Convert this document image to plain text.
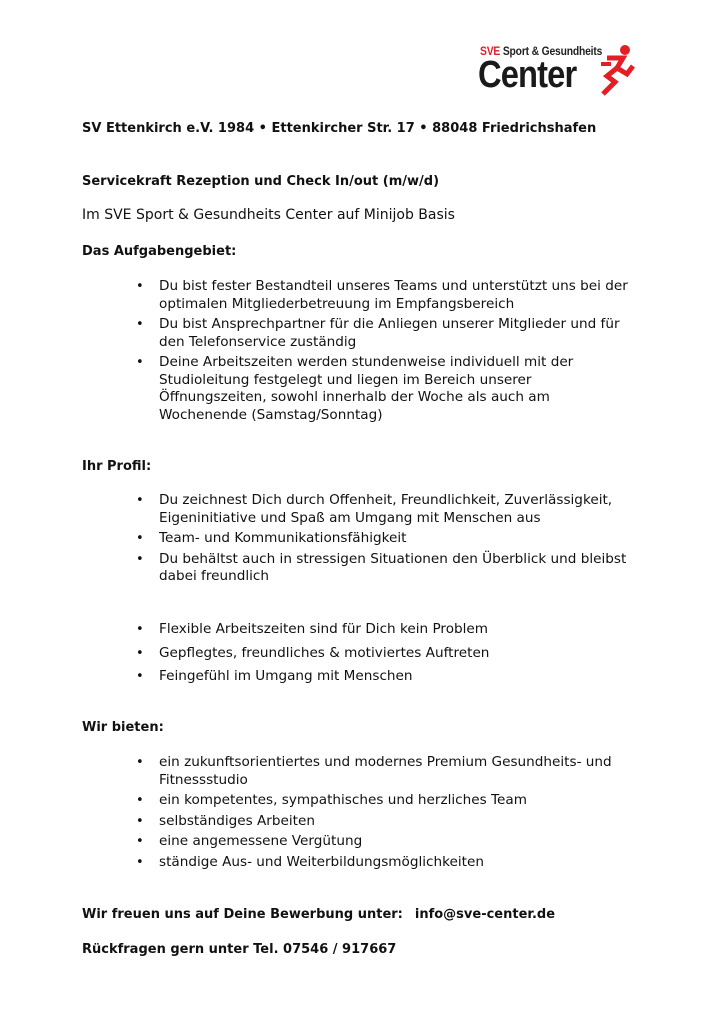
SVE Sport & Gesundheits
Center
SV Ettenkirch e.V. 1984 • Ettenkircher Str. 17 • 88048 Friedrichshafen
Servicekraft Rezeption und Check In/out (m/w/d)
Im SVE Sport & Gesundheits Center auf Minijob Basis
Das Aufgabengebiet:
• Du bist fester Bestandteil unseres Teams und unterstützt uns bei der optimalen Mitgliederbetreuung im Empfangsbereich
• Du bist Ansprechpartner für die Anliegen unserer Mitglieder und für den Telefonservice zuständig
• Deine Arbeitszeiten werden stundenweise individuell mit der Studioleitung festgelegt und liegen im Bereich unserer Öffnungszeiten, sowohl innerhalb der Woche als auch am Wochenende (Samstag/Sonntag)
Ihr Profil:
• Du zeichnest Dich durch Offenheit, Freundlichkeit, Zuverlässigkeit, Eigeninitiative und Spaß am Umgang mit Menschen aus
• Team- und Kommunikationsfähigkeit
• Du behältst auch in stressigen Situationen den Überblick und bleibst dabei freundlich
• Flexible Arbeitszeiten sind für Dich kein Problem
• Gepflegtes, freundliches & motiviertes Auftreten
• Feingefühl im Umgang mit Menschen
Wir bieten:
• ein zukunftsorientiertes und modernes Premium Gesundheits- und Fitnessstudio
• ein kompetentes, sympathisches und herzliches Team
• selbständiges Arbeiten
• eine angemessene Vergütung
• ständige Aus- und Weiterbildungsmöglichkeiten
Wir freuen uns auf Deine Bewerbung unter: info@sve-center.de
Rückfragen gern unter Tel. 07546 / 917667
